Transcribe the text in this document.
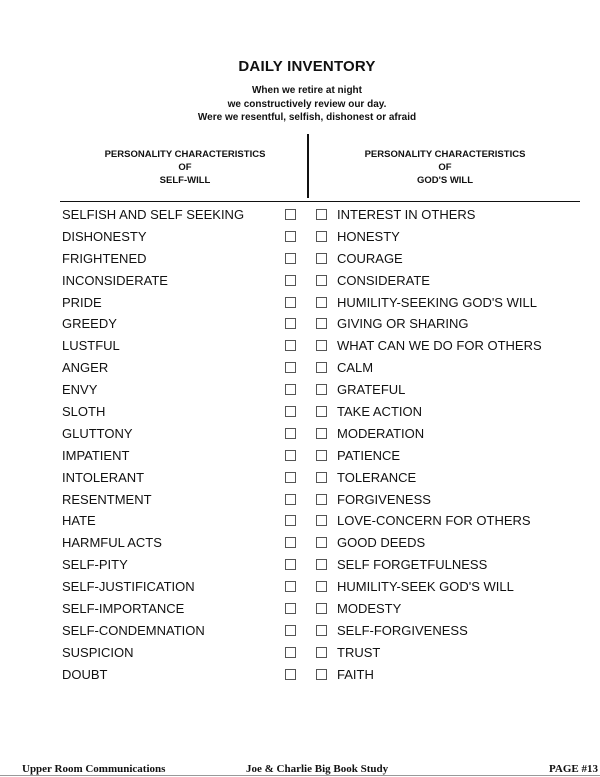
DAILY INVENTORY
When we retire at night
we constructively review our day.
Were we resentful, selfish, dishonest or afraid
PERSONALITY CHARACTERISTICS
OF
SELF-WILL
PERSONALITY CHARACTERISTICS
OF
GOD'S WILL
SELFISH AND SELF SEEKING	INTEREST IN OTHERS
DISHONESTY	HONESTY
FRIGHTENED	COURAGE
INCONSIDERATE	CONSIDERATE
PRIDE	HUMILITY-SEEKING GOD'S WILL
GREEDY	GIVING OR SHARING
LUSTFUL	WHAT CAN WE DO FOR OTHERS
ANGER	CALM
ENVY	GRATEFUL
SLOTH	TAKE ACTION
GLUTTONY	MODERATION
IMPATIENT	PATIENCE
INTOLERANT	TOLERANCE
RESENTMENT	FORGIVENESS
HATE	LOVE-CONCERN FOR OTHERS
HARMFUL ACTS	GOOD DEEDS
SELF-PITY	SELF FORGETFULNESS
SELF-JUSTIFICATION	HUMILITY-SEEK GOD'S WILL
SELF-IMPORTANCE	MODESTY
SELF-CONDEMNATION	SELF-FORGIVENESS
SUSPICION	TRUST
DOUBT	FAITH
Upper Room Communications	Joe & Charlie Big Book Study	PAGE #13
